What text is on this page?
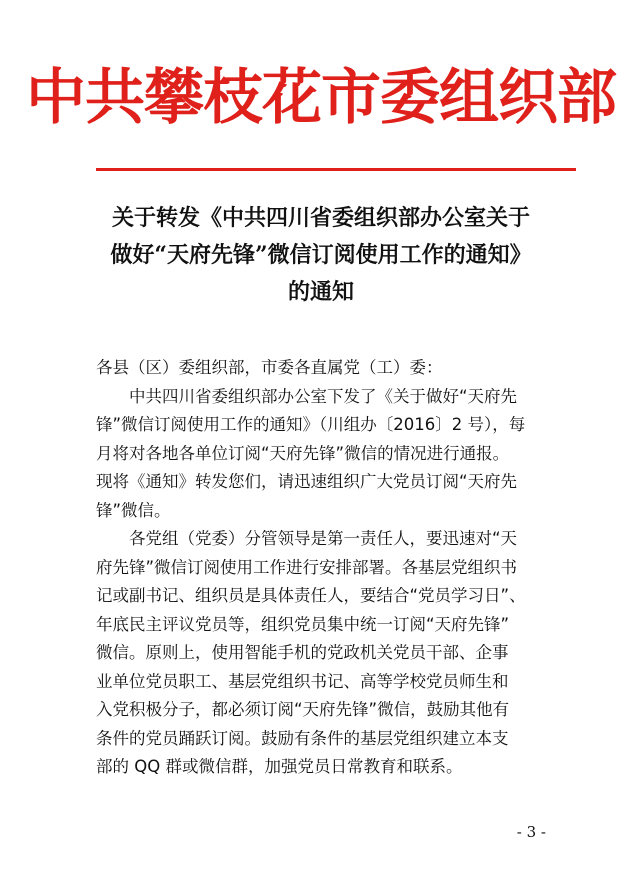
中共攀枝花市委组织部
关于转发《中共四川省委组织部办公室关于
做好“天府先锋”微信订阅使用工作的通知》
的通知
各县（区）委组织部，市委各直属党（工）委：
　　中共四川省委组织部办公室下发了《关于做好“天府先
锋”微信订阅使用工作的通知》（川组办〔2016〕2 号），每
月将对各地各单位订阅“天府先锋”微信的情况进行通报。
现将《通知》转发您们，请迅速组织广大党员订阅“天府先
锋”微信。
　　各党组（党委）分管领导是第一责任人，要迅速对“天
府先锋”微信订阅使用工作进行安排部署。各基层党组织书
记或副书记、组织员是具体责任人，要结合“党员学习日”、
年底民主评议党员等，组织党员集中统一订阅“天府先锋”
微信。原则上，使用智能手机的党政机关党员干部、企事
业单位党员职工、基层党组织书记、高等学校党员师生和
入党积极分子，都必须订阅“天府先锋”微信，鼓励其他有
条件的党员踊跃订阅。鼓励有条件的基层党组织建立本支
部的 QQ 群或微信群，加强党员日常教育和联系。
- 3 -
